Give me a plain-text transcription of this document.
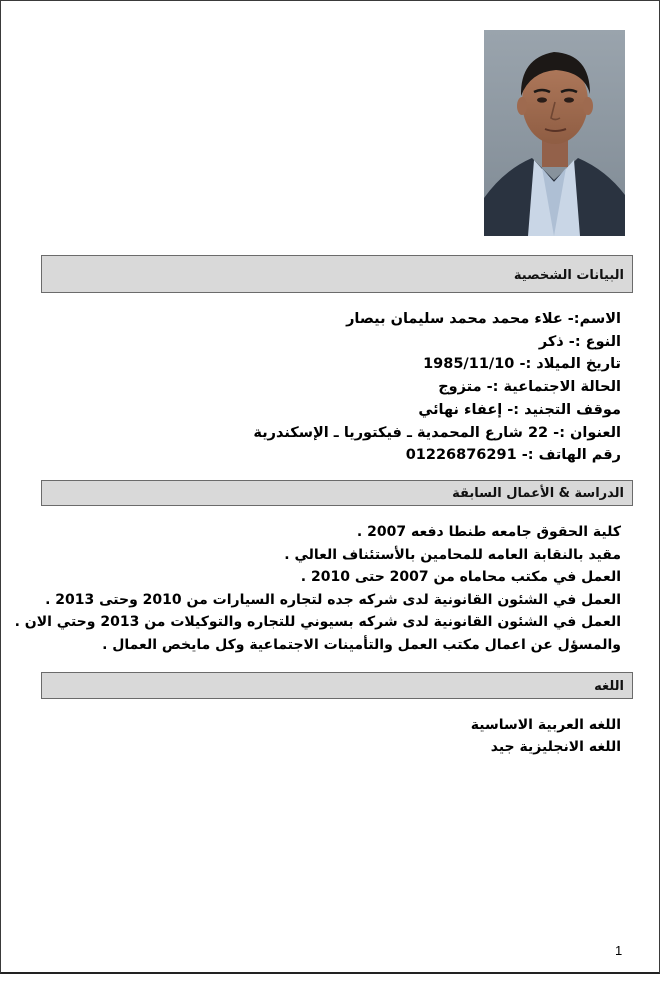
البيانات الشخصية
الاسم:- علاء محمد محمد سليمان بيصار
النوع :- ذكر
تاريخ الميلاد :- 1985/11/10
الحالة الاجتماعية :- متزوج
موقف التجنيد :- إعفاء نهائي
العنوان :- 22 شارع المحمدية ـ فيكتوريا ـ الإسكندرية
رقم الهاتف :- 01226876291
الدراسة & الأعمال السابقة
كلية الحقوق جامعه طنطا دفعه 2007 .
مقيد بالنقابة العامه للمحامين بالأستئناف العالي .
العمل في مكتب محاماه من 2007 حتى 2010 .
العمل في الشئون القانونية لدى شركه جده لتجاره السيارات من 2010 وحتى 2013 .
العمل في الشئون القانونية لدى شركه بسيوني للتجاره والتوكيلات من 2013 وحتي الان .
والمسؤل عن اعمال مكتب العمل والتأمينات الاجتماعية وكل مايخص العمال .
اللغه
اللغه العربية الاساسية
اللغه الانجليزية جيد
1
